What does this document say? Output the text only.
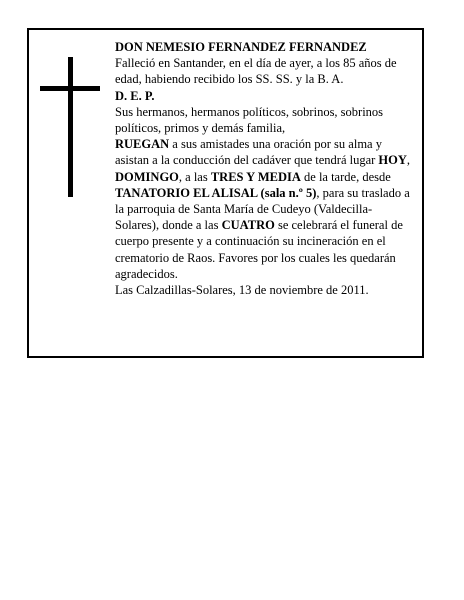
DON NEMESIO FERNANDEZ FERNANDEZ

Falleció en Santander, en el día de ayer, a los 85 años de edad, habiendo recibido los SS. SS. y la B. A.

D. E. P.

Sus hermanos, hermanos políticos, sobrinos, sobrinos políticos, primos y demás familia,

RUEGAN a sus amistades una oración por su alma y asistan a la conducción del cadáver que tendrá lugar HOY, DOMINGO, a las TRES Y MEDIA de la tarde, desde TANATORIO EL ALISAL (sala n.º 5), para su traslado a la parroquia de Santa María de Cudeyo (Valdecilla-Solares), donde a las CUATRO se celebrará el funeral de cuerpo presente y a continuación su incineración en el crematorio de Raos. Favores por los cuales les quedarán agradecidos.

Las Calzadillas-Solares, 13 de noviembre de 2011.
